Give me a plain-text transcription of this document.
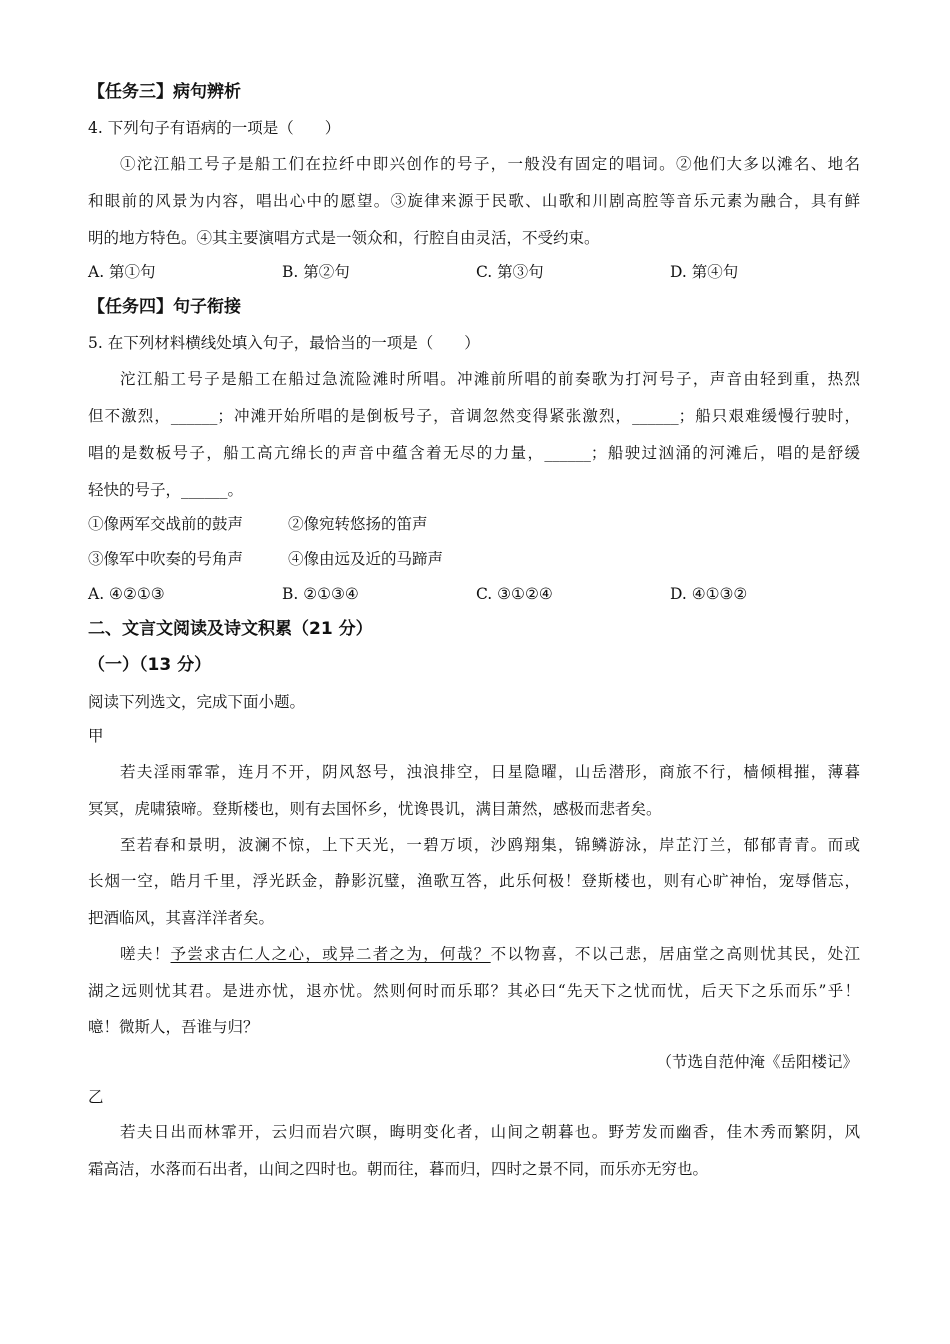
【任务三】病句辨析
4. 下列句子有语病的一项是（　　）
①沱江船工号子是船工们在拉纤中即兴创作的号子，一般没有固定的唱词。②他们大多以滩名、地名
和眼前的风景为内容，唱出心中的愿望。③旋律来源于民歌、山歌和川剧高腔等音乐元素为融合，具有鲜
明的地方特色。④其主要演唱方式是一领众和，行腔自由灵活，不受约束。
A. 第①句	B. 第②句	C. 第③句	D. 第④句
【任务四】句子衔接
5. 在下列材料横线处填入句子，最恰当的一项是（　　）
沱江船工号子是船工在船过急流险滩时所唱。冲滩前所唱的前奏歌为打河号子，声音由轻到重，热烈
但不激烈，______；冲滩开始所唱的是倒板号子，音调忽然变得紧张激烈，______；船只艰难缓慢行驶时，
唱的是数板号子，船工高亢绵长的声音中蕴含着无尽的力量，______；船驶过汹涌的河滩后，唱的是舒缓
轻快的号子，______。
①像两军交战前的鼓声	②像宛转悠扬的笛声
③像军中吹奏的号角声	④像由远及近的马蹄声
A. ④②①③	B. ②①③④	C. ③①②④	D. ④①③②
二、文言文阅读及诗文积累（21 分）
（一）（13 分）
阅读下列选文，完成下面小题。
甲
若夫淫雨霏霏，连月不开，阴风怒号，浊浪排空，日星隐曜，山岳潜形，商旅不行，樯倾楫摧，薄暮
冥冥，虎啸猿啼。登斯楼也，则有去国怀乡，忧谗畏讥，满目萧然，感极而悲者矣。
至若春和景明，波澜不惊，上下天光，一碧万顷，沙鸥翔集，锦鳞游泳，岸芷汀兰，郁郁青青。而或
长烟一空，皓月千里，浮光跃金，静影沉璧，渔歌互答，此乐何极！登斯楼也，则有心旷神怡，宠辱偕忘，
把酒临风，其喜洋洋者矣。
嗟夫！予尝求古仁人之心，或异二者之为，何哉？不以物喜，不以己悲，居庙堂之高则忧其民，处江
湖之远则忧其君。是进亦忧，退亦忧。然则何时而乐耶？其必曰“先天下之忧而忧，后天下之乐而乐”乎！
噫！微斯人，吾谁与归？
（节选自范仲淹《岳阳楼记》
乙
若夫日出而林霏开，云归而岩穴暝，晦明变化者，山间之朝暮也。野芳发而幽香，佳木秀而繁阴，风
霜高洁，水落而石出者，山间之四时也。朝而往，暮而归，四时之景不同，而乐亦无穷也。
